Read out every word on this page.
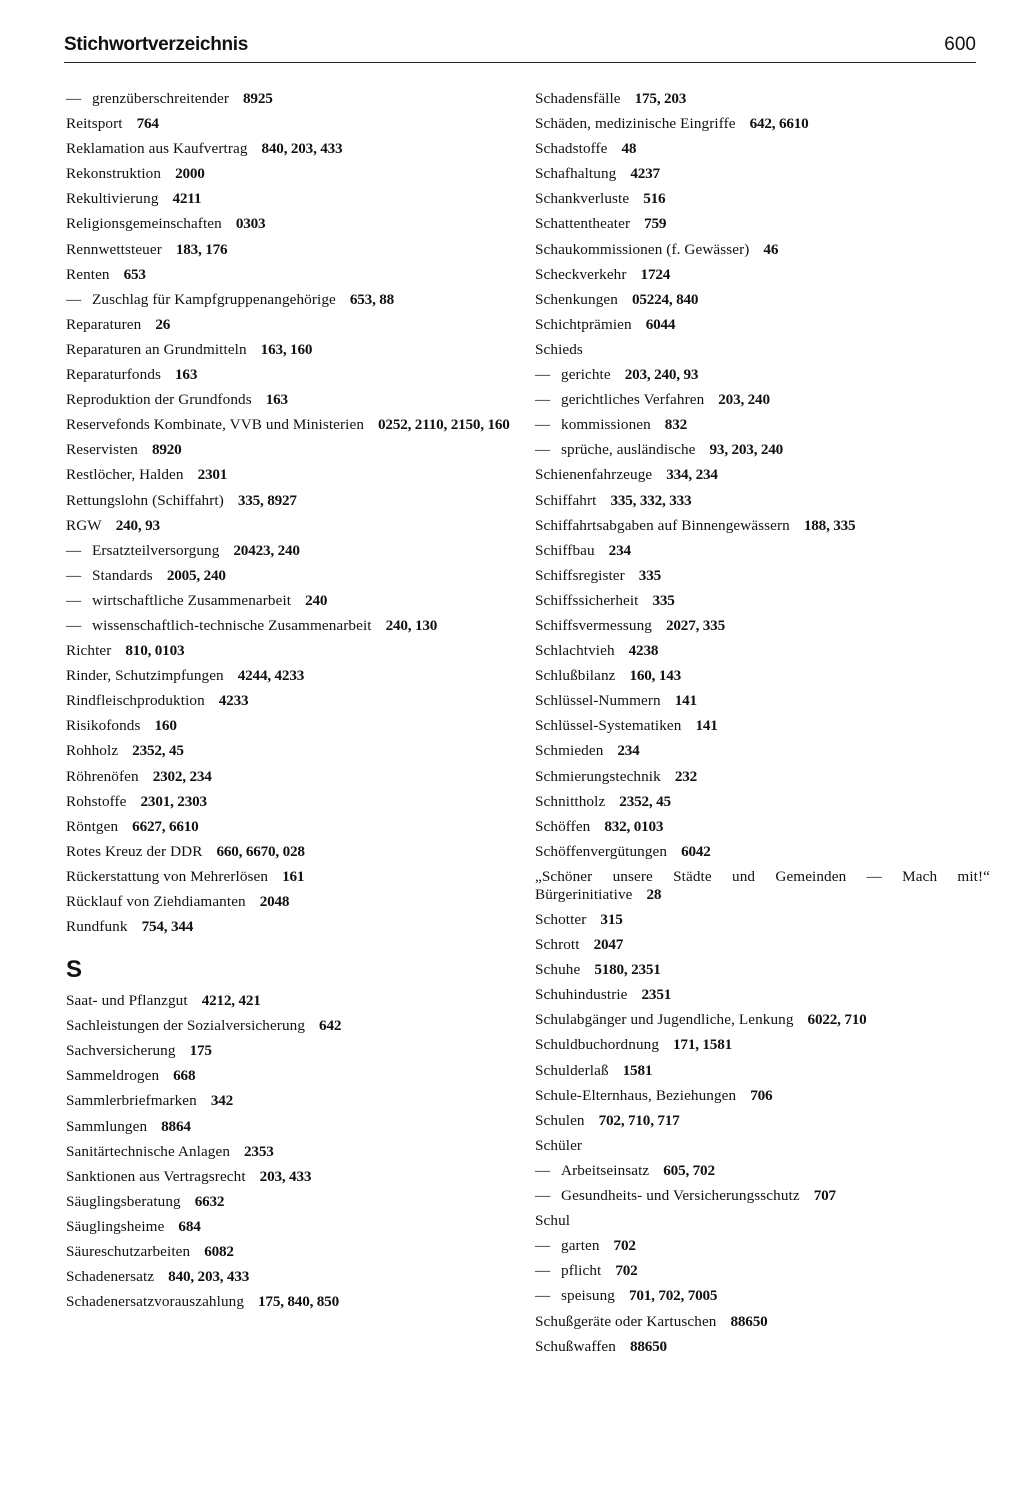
Stichwortverzeichnis	600
— grenzüberschreitender 8925
Reitsport 764
Reklamation aus Kaufvertrag 840, 203, 433
Rekonstruktion 2000
Rekultivierung 4211
Religionsgemeinschaften 0303
Rennwettsteuer 183, 176
Renten 653
— Zuschlag für Kampfgruppenangehörige 653, 88
Reparaturen 26
Reparaturen an Grundmitteln 163, 160
Reparaturfonds 163
Reproduktion der Grundfonds 163
Reservefonds Kombinate, VVB und Ministerien 0252, 2110, 2150, 160
Reservisten 8920
Restlöcher, Halden 2301
Rettungslohn (Schiffahrt) 335, 8927
RGW 240, 93
— Ersatzteilversorgung 20423, 240
— Standards 2005, 240
— wirtschaftliche Zusammenarbeit 240
— wissenschaftlich-technische Zusammenarbeit 240, 130
Richter 810, 0103
Rinder, Schutzimpfungen 4244, 4233
Rindfleischproduktion 4233
Risikofonds 160
Rohholz 2352, 45
Röhrenöfen 2302, 234
Rohstoffe 2301, 2303
Röntgen 6627, 6610
Rotes Kreuz der DDR 660, 6670, 028
Rückerstattung von Mehrerlösen 161
Rücklauf von Ziehdiamanten 2048
Rundfunk 754, 344
S
Saat- und Pflanzgut 4212, 421
Sachleistungen der Sozialversicherung 642
Sachversicherung 175
Sammeldrogen 668
Sammlerbriefmarken 342
Sammlungen 8864
Sanitärtechnische Anlagen 2353
Sanktionen aus Vertragsrecht 203, 433
Säuglingsberatung 6632
Säuglingsheime 684
Säureschutzarbeiten 6082
Schadenersatz 840, 203, 433
Schadenersatzvorauszahlung 175, 840, 850
Schadensfälle 175, 203
Schäden, medizinische Eingriffe 642, 6610
Schadstoffe 48
Schafhaltung 4237
Schankverluste 516
Schattentheater 759
Schaukommissionen (f. Gewässer) 46
Scheckverkehr 1724
Schenkungen 05224, 840
Schichtprämien 6044
Schieds
— gerichte 203, 240, 93
— gerichtliches Verfahren 203, 240
— kommissionen 832
— sprüche, ausländische 93, 203, 240
Schienenfahrzeuge 334, 234
Schiffahrt 335, 332, 333
Schiffahrtsabgaben auf Binnengewässern 188, 335
Schiffbau 234
Schiffsregister 335
Schiffssicherheit 335
Schiffsvermessung 2027, 335
Schlachtvieh 4238
Schlußbilanz 160, 143
Schlüssel-Nummern 141
Schlüssel-Systematiken 141
Schmieden 234
Schmierungstechnik 232
Schnittholz 2352, 45
Schöffen 832, 0103
Schöffenvergütungen 6042
„Schöner unsere Städte und Gemeinden — Mach mit!“ Bürgerinitiative 28
Schotter 315
Schrott 2047
Schuhe 5180, 2351
Schuhindustrie 2351
Schulabgänger und Jugendliche, Lenkung 6022, 710
Schuldbuchordnung 171, 1581
Schulderlaß 1581
Schule-Elternhaus, Beziehungen 706
Schulen 702, 710, 717
Schüler
— Arbeitseinsatz 605, 702
— Gesundheits- und Versicherungsschutz 707
Schul
— garten 702
— pflicht 702
— speisung 701, 702, 7005
Schußgeräte oder Kartuschen 88650
Schußwaffen 88650
